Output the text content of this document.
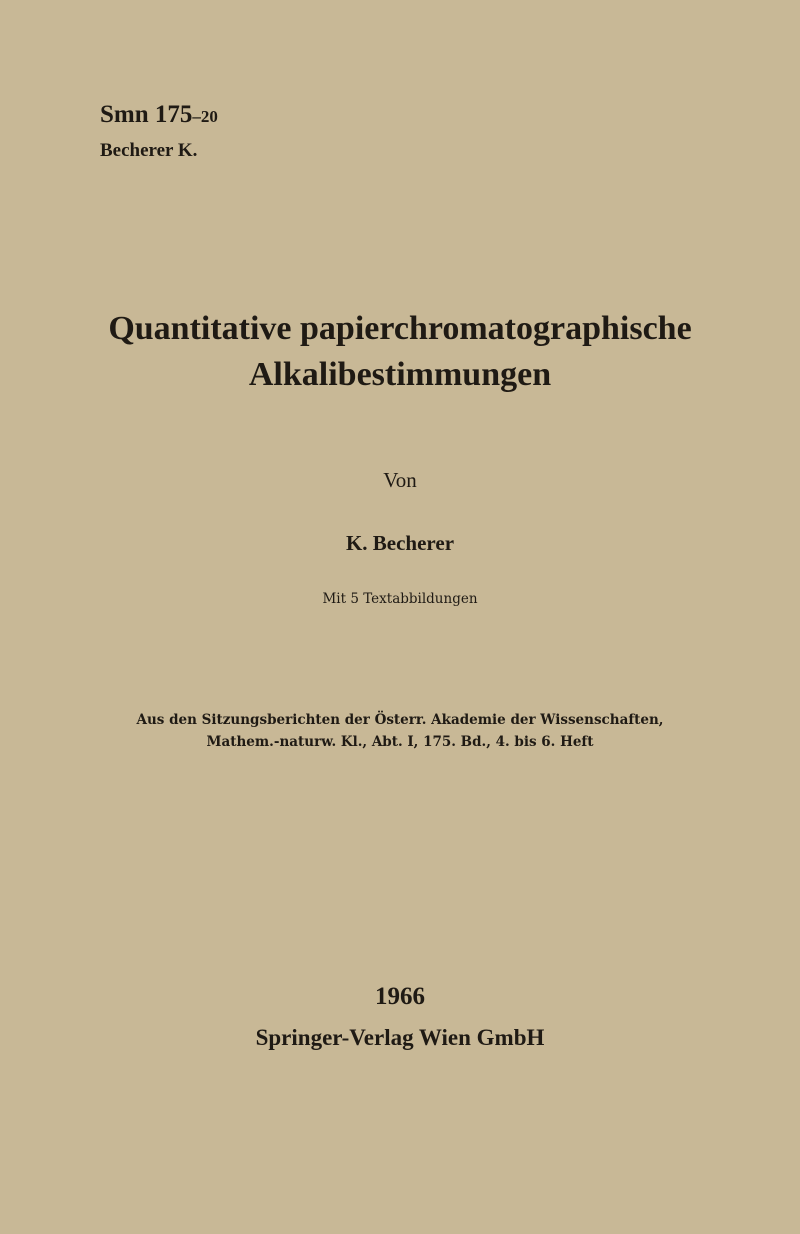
Smn 175–20
Becherer K.
Quantitative papierchromatographische
Alkalibestimmungen
Von
K. Becherer
Mit 5 Textabbildungen
Aus den Sitzungsberichten der Österr. Akademie der Wissenschaften,
Mathem.-naturw. Kl., Abt. I, 175. Bd., 4. bis 6. Heft
1966
Springer-Verlag Wien GmbH
